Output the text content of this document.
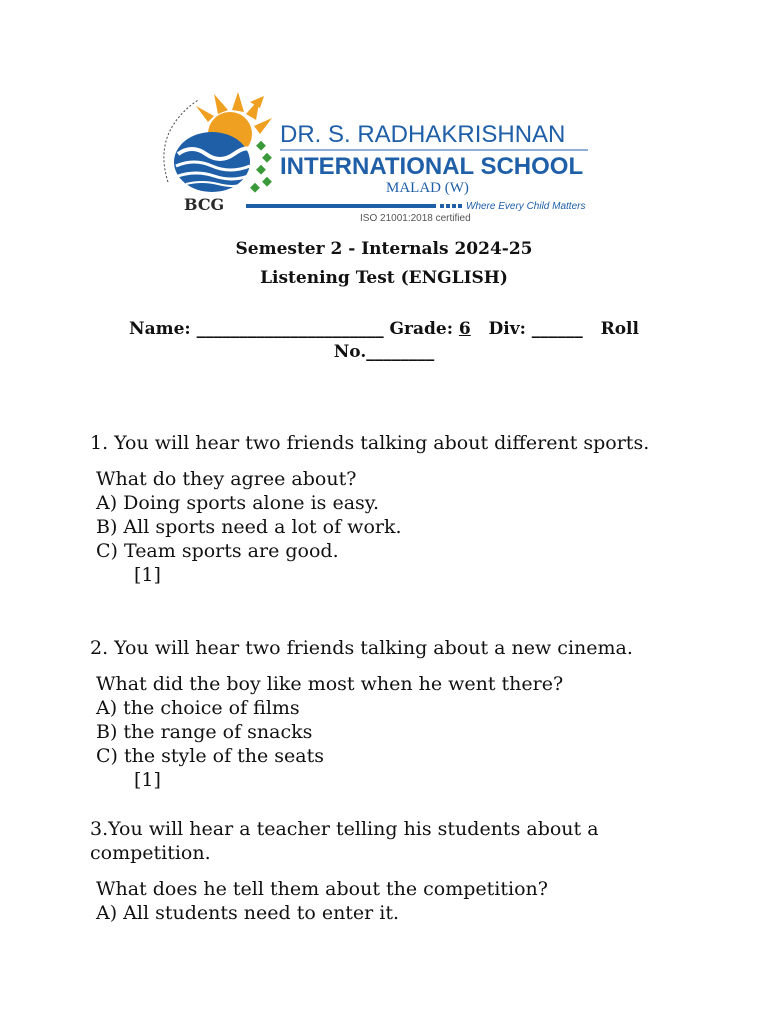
BCG
DR. S. RADHAKRISHNAN
INTERNATIONAL SCHOOL
MALAD (W)
Where Every Child Matters
ISO 21001:2018 certified
Semester 2 - Internals 2024-25
Listening Test (ENGLISH)
Name: ______________________ Grade: 6 Div: ______ Roll
No.________

1. You will hear two friends talking about different sports.

What do they agree about?

A) Doing sports alone is easy.

B) All sports need a lot of work.

C) Team sports are good.

[1]

2. You will hear two friends talking about a new cinema.

What did the boy like most when he went there?

A) the choice of films

B) the range of snacks

C) the style of the seats

[1]

3.You will hear a teacher telling his students about a competition.

What does he tell them about the competition?

A) All students need to enter it.
